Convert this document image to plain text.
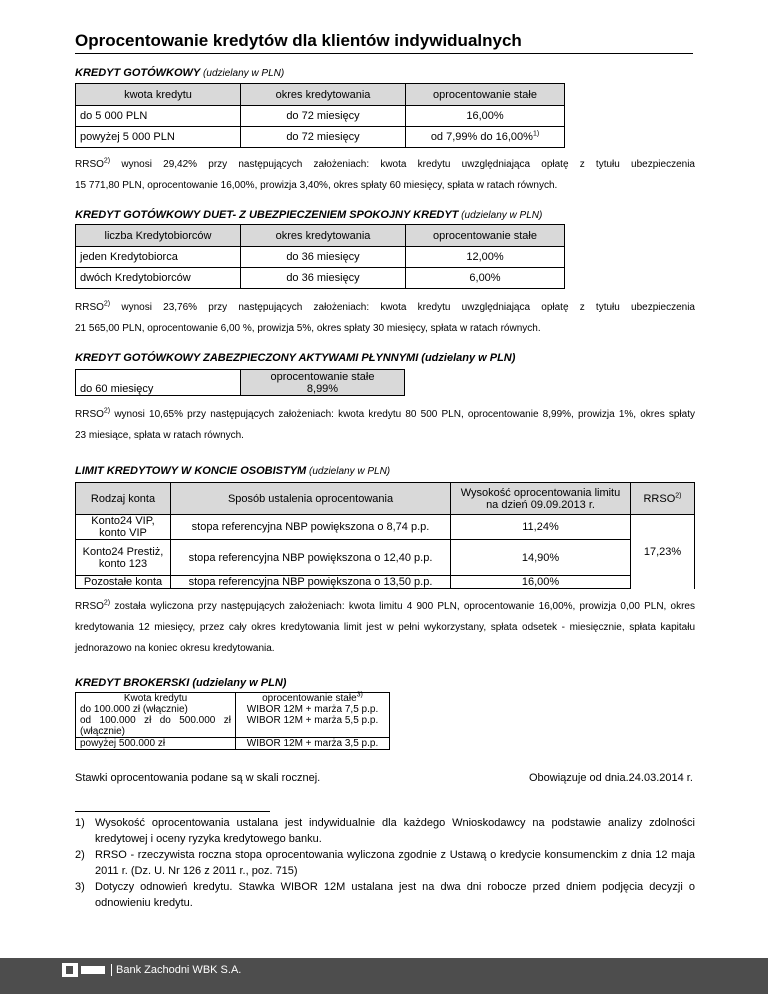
Oprocentowanie kredytów dla klientów indywidualnych
KREDYT GOTÓWKOWY (udzielany w PLN)
kwota kredytu	okres kredytowania	oprocentowanie stałe
do 5 000 PLN	do 72 miesięcy	16,00%
powyżej 5 000 PLN	do 72 miesięcy	od 7,99% do 16,00%$^{1)}$
RRSO$^{2)}$ wynosi 29,42% przy następujących założeniach: kwota kredytu uwzględniająca opłatę z tytułu ubezpieczenia
15 771,80 PLN, oprocentowanie 16,00%, prowizja 3,40%, okres spłaty 60 miesięcy, spłata w ratach równych.
KREDYT GOTÓWKOWY DUET- Z UBEZPIECZENIEM SPOKOJNY KREDYT (udzielany w PLN)
liczba Kredytobiorców	okres kredytowania	oprocentowanie stałe
jeden Kredytobiorca	do 36 miesięcy	12,00%
dwóch Kredytobiorców	do 36 miesięcy	6,00%
RRSO$^{2)}$ wynosi 23,76% przy następujących założeniach: kwota kredytu uwzględniająca opłatę z tytułu ubezpieczenia
21 565,00 PLN, oprocentowanie 6,00 %, prowizja 5%, okres spłaty 30 miesięcy, spłata w ratach równych.
KREDYT GOTÓWKOWY ZABEZPIECZONY AKTYWAMI PŁYNNYMI (udzielany w PLN)
do 60 miesięcy	oprocentowanie stałe
8,99%
RRSO$^{2)}$ wynosi 10,65% przy następujących założeniach: kwota kredytu 80 500 PLN, oprocentowanie 8,99%, prowizja 1%, okres spłaty
23 miesiące, spłata w ratach równych.
LIMIT KREDYTOWY W KONCIE OSOBISTYM (udzielany w PLN)
Rodzaj konta	Sposób ustalenia oprocentowania	Wysokość oprocentowania limitu na dzień 09.09.2013 r.	RRSO$^{2)}$
Konto24 VIP, konto VIP	stopa referencyjna NBP powiększona o 8,74 p.p.	11,24%	17,23%
Konto24 Prestiż, konto 123	stopa referencyjna NBP powiększona o 12,40 p.p.	14,90%	
Pozostałe konta	stopa referencyjna NBP powiększona o 13,50 p.p.	16,00%	
RRSO$^{2)}$ została wyliczona przy następujących założeniach: kwota limitu 4 900 PLN, oprocentowanie 16,00%, prowizja 0,00 PLN, okres
kredytowania 12 miesięcy, przez cały okres kredytowania limit jest w pełni wykorzystany, spłata odsetek - miesięcznie, spłata kapitału
jednorazowo na koniec okresu kredytowania.
KREDYT BROKERSKI (udzielany w PLN)
Kwota kredytu	oprocentowanie stałe$^{3)}$
do 100.000 zł (włącznie)	WIBOR 12M + marża 7,5 p.p.
od 100.000 zł do 500.000 zł (włącznie)	WIBOR 12M + marża 5,5 p.p.
powyżej 500.000 zł	WIBOR 12M + marża 3,5 p.p.
Stawki oprocentowania podane są w skali rocznej.	Obowiązuje od dnia.24.03.2014 r.
1) Wysokość oprocentowania ustalana jest indywidualnie dla każdego Wnioskodawcy na podstawie analizy zdolności kredytowej i oceny ryzyka kredytowego banku.
2) RRSO - rzeczywista roczna stopa oprocentowania wyliczona zgodnie z Ustawą o kredycie konsumenckim z dnia 12 maja 2011 r. (Dz. U. Nr 126 z 2011 r., poz. 715)
3) Dotyczy odnowień kredytu. Stawka WIBOR 12M ustalana jest na dwa dni robocze przed dniem podjęcia decyzji o odnowieniu kredytu.
Bank Zachodni WBK S.A.
